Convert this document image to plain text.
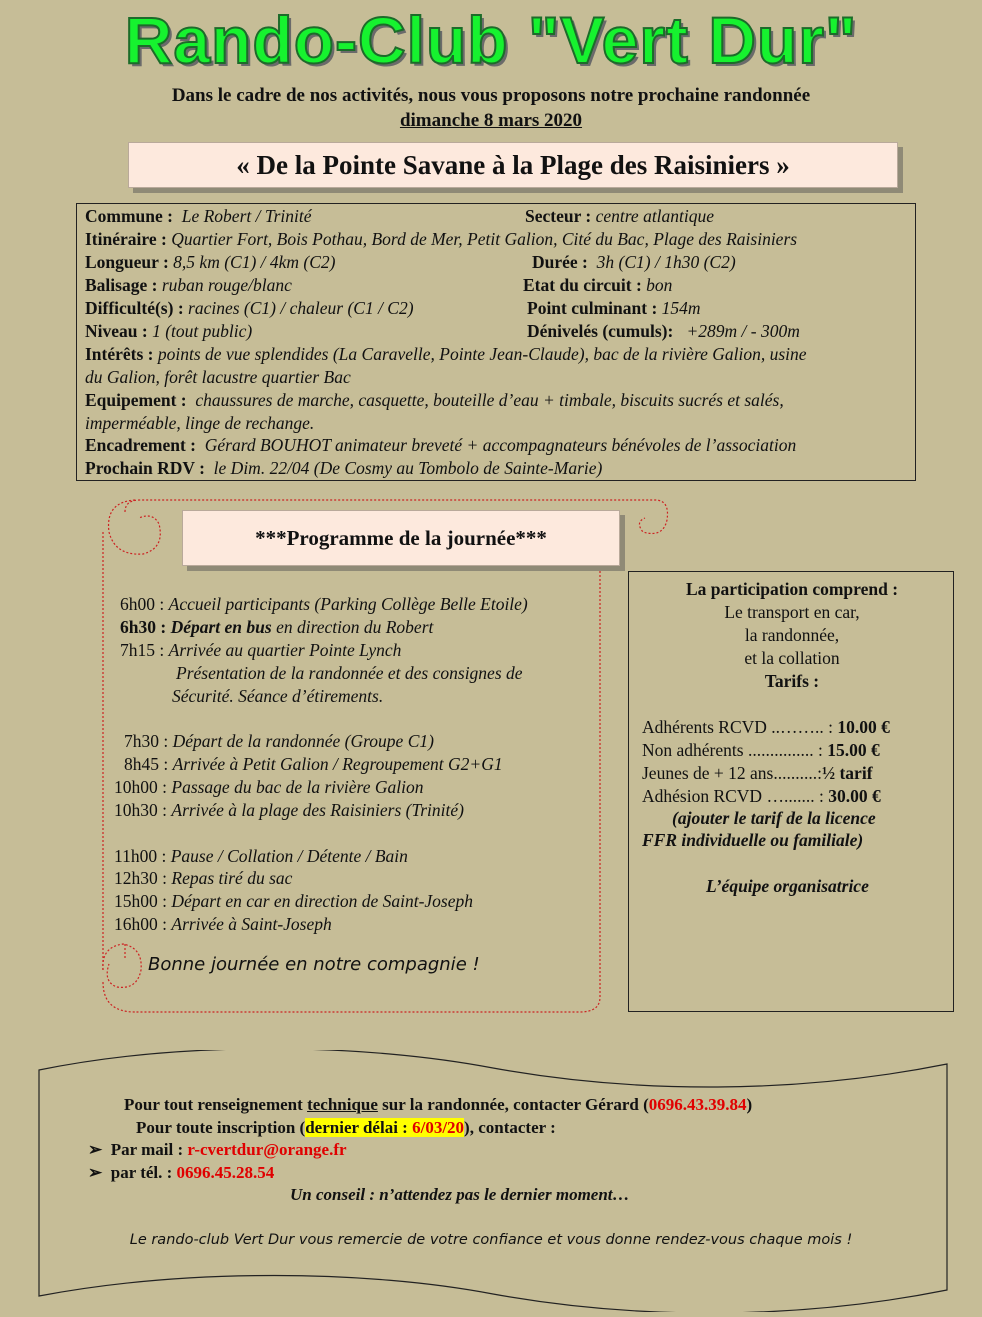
Rando-Club "Vert Dur"
Dans le cadre de nos activités, nous vous proposons notre prochaine randonnée
dimanche 8 mars 2020
« De la Pointe Savane à la Plage des Raisiniers »
Commune : Le Robert / Trinité	Secteur : centre atlantique
Itinéraire : Quartier Fort, Bois Pothau, Bord de Mer, Petit Galion, Cité du Bac, Plage des Raisiniers
Longueur : 8,5 km (C1) / 4km (C2)	Durée : 3h (C1) / 1h30 (C2)
Balisage : ruban rouge/blanc	Etat du circuit : bon
Difficulté(s) : racines (C1) / chaleur (C1 / C2)	Point culminant : 154m
Niveau : 1 (tout public)	Dénivelés (cumuls): +289m / - 300m
Intérêts : points de vue splendides (La Caravelle, Pointe Jean-Claude), bac de la rivière Galion, usine
du Galion, forêt lacustre quartier Bac
Equipement : chaussures de marche, casquette, bouteille d’eau + timbale, biscuits sucrés et salés,
imperméable, linge de rechange.
Encadrement : Gérard BOUHOT animateur breveté + accompagnateurs bénévoles de l’association
Prochain RDV : le Dim. 22/04 (De Cosmy au Tombolo de Sainte-Marie)
***Programme de la journée***
6h00 : Accueil participants (Parking Collège Belle Etoile)
6h30 : Départ en bus en direction du Robert
7h15 : Arrivée au quartier Pointe Lynch
Présentation de la randonnée et des consignes de
Sécurité. Séance d’étirements.
7h30 : Départ de la randonnée (Groupe C1)
8h45 : Arrivée à Petit Galion / Regroupement G2+G1
10h00 : Passage du bac de la rivière Galion
10h30 : Arrivée à la plage des Raisiniers (Trinité)
11h00 : Pause / Collation / Détente / Bain
12h30 : Repas tiré du sac
15h00 : Départ en car en direction de Saint-Joseph
16h00 : Arrivée à Saint-Joseph
Bonne journée en notre compagnie !
La participation comprend :
Le transport en car,
la randonnée,
et la collation
Tarifs :
Adhérents RCVD ..…….. : 10.00 €
Non adhérents ............... : 15.00 €
Jeunes de + 12 ans..........:½ tarif
Adhésion RCVD …....... : 30.00 €
(ajouter le tarif de la licence
FFR individuelle ou familiale)
L’équipe organisatrice
Pour tout renseignement technique sur la randonnée, contacter Gérard (0696.43.39.84)
Pour toute inscription (dernier délai : 6/03/20), contacter :
➢ Par mail : r-cvertdur@orange.fr
➢ par tél. : 0696.45.28.54
Un conseil : n’attendez pas le dernier moment…
Le rando-club Vert Dur vous remercie de votre confiance et vous donne rendez-vous chaque mois !
